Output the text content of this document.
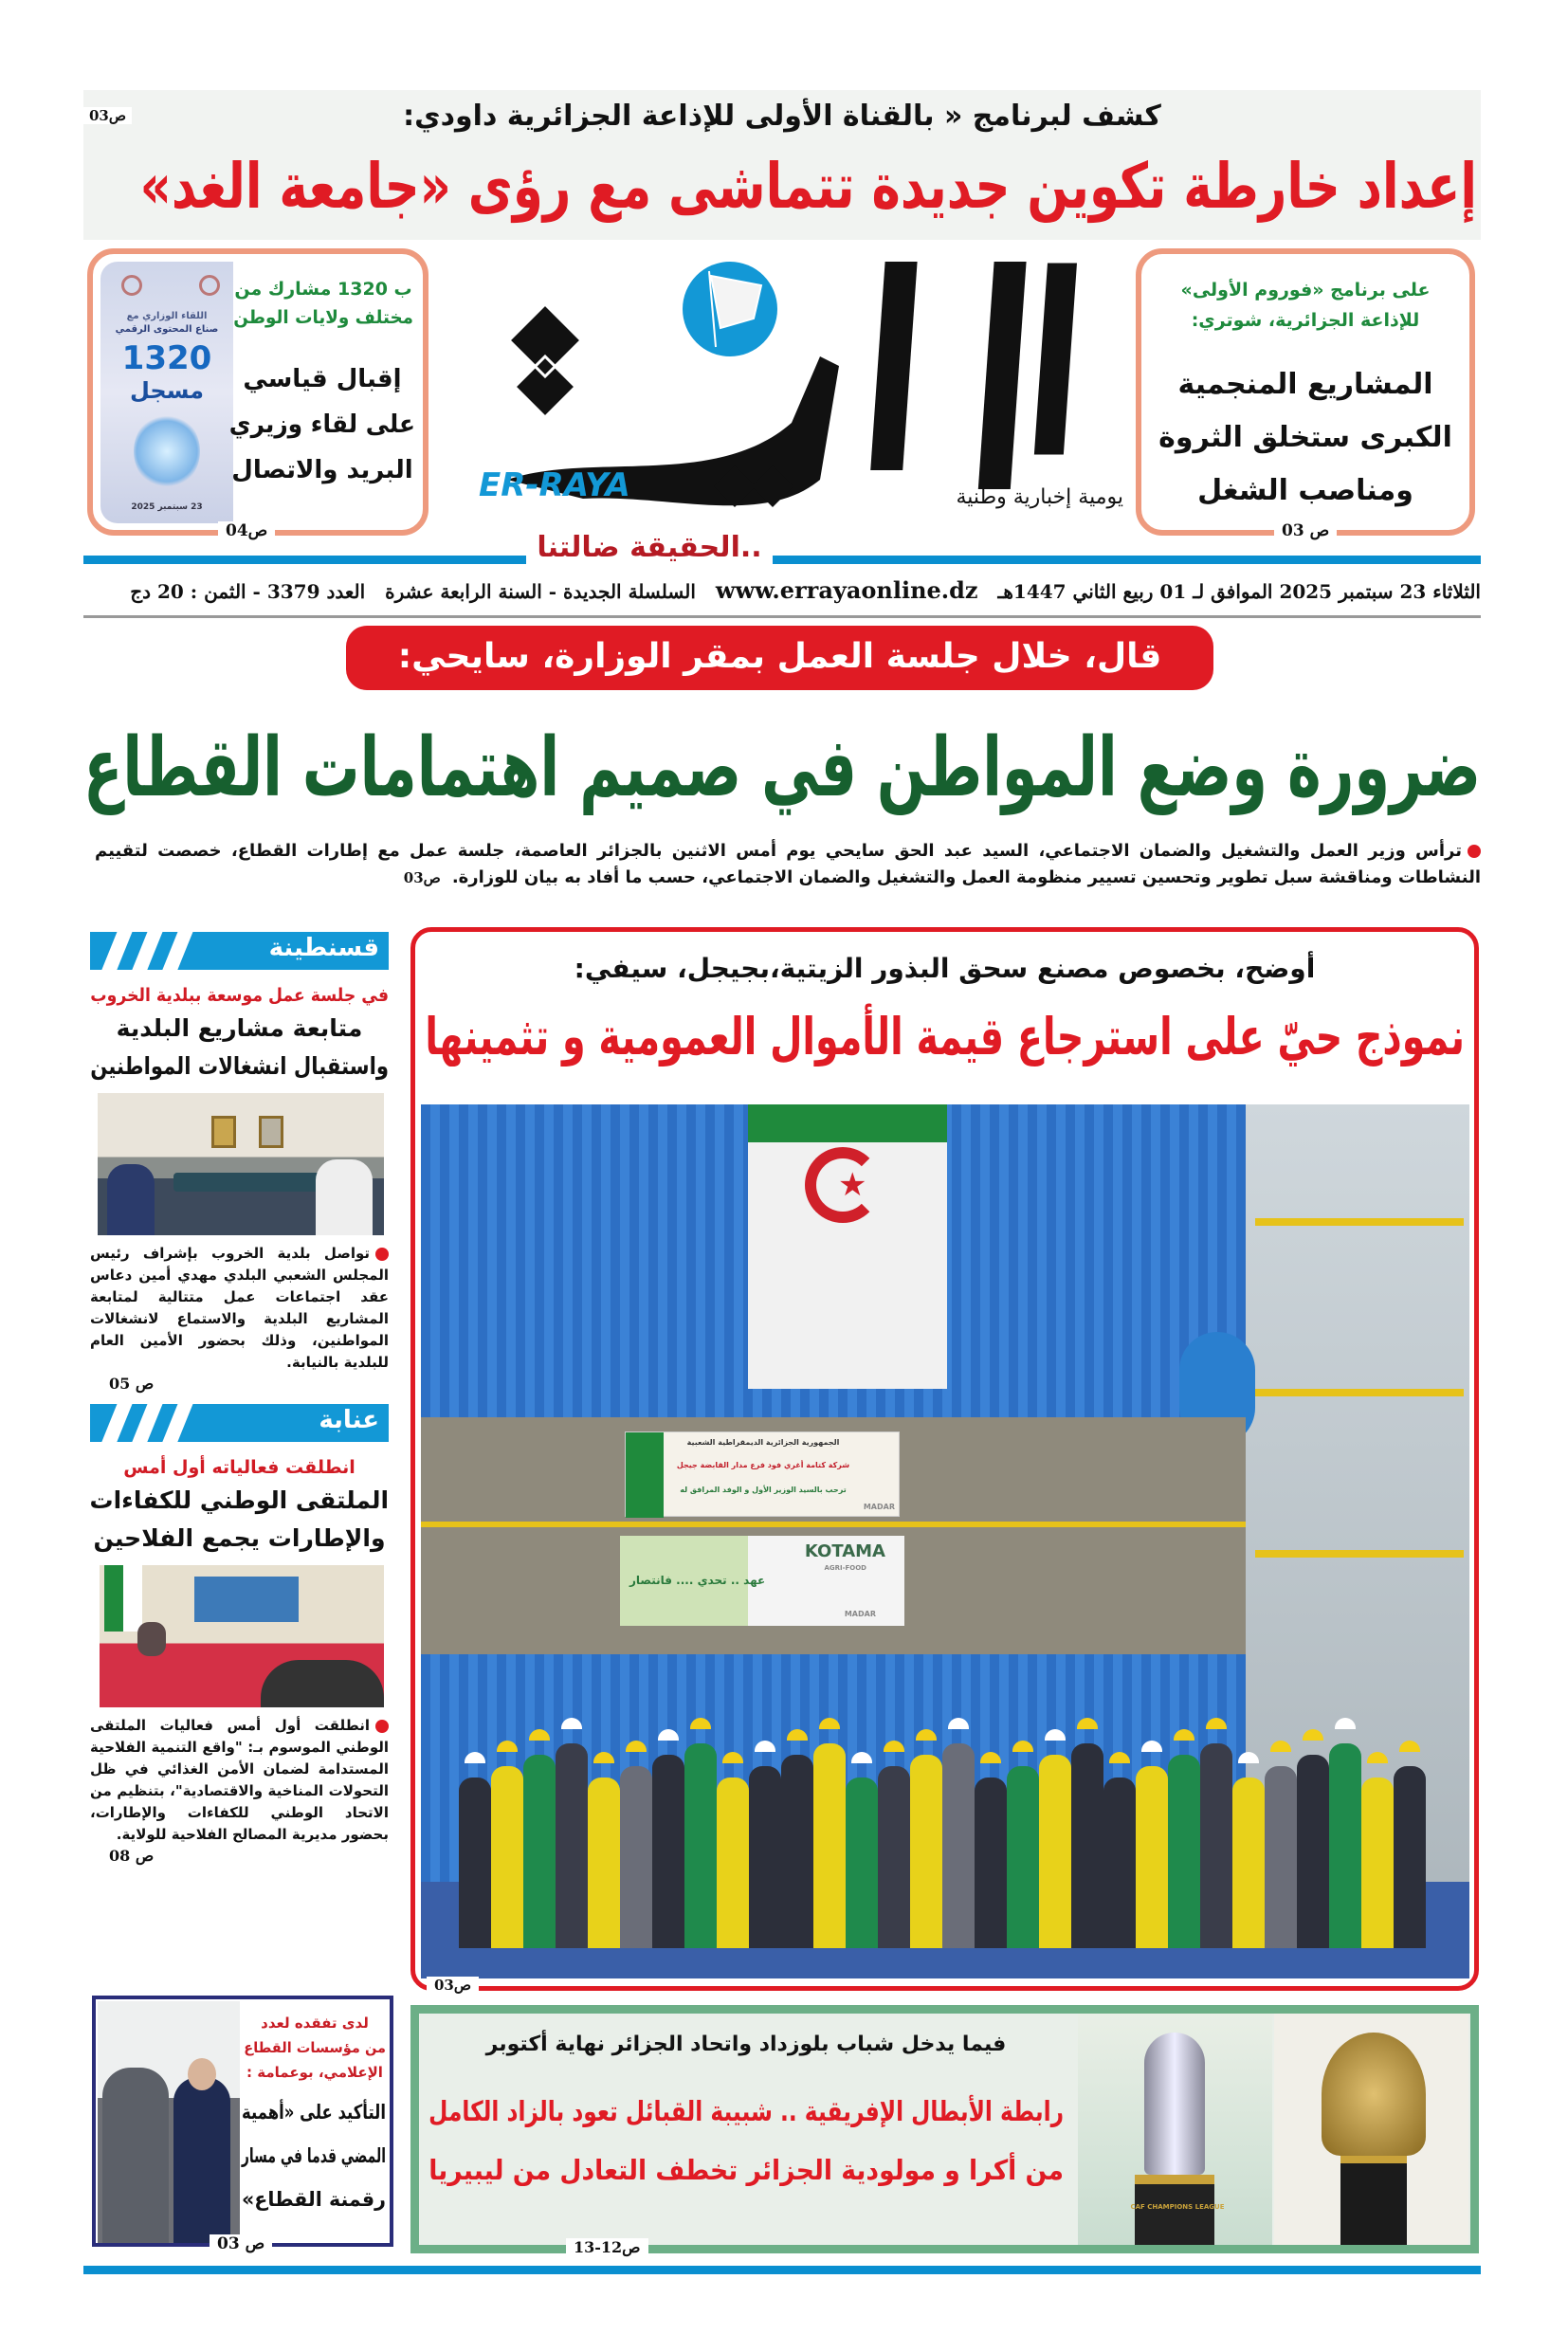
كشف لبرنامج « بالقناة الأولى للإذاعة الجزائرية داودي:
ص03
إعداد خارطة تكوين جديدة تتماشى مع رؤى «جامعة الغد»
اللقاء الوزاري مع
صناع المحتوى الرقمي
1320
مسجل
23 سبتمبر 2025
ب 1320 مشارك من
مختلف ولايات الوطن
إقبال قياسي
على لقاء وزيري
البريد والاتصال
ص04
ER-RAYA	يومية إخبارية وطنية
على برنامج «فوروم الأولى»
للإذاعة الجزائرية، شوتري:
المشاريع المنجمية
الكبرى ستخلق الثروة
ومناصب الشغل
ص 03
..الحقيقة ضالتنا
الثلاثاء 23 سبتمبر 2025 الموافق لـ 01 ربيع الثاني 1447هـ www.errayaonline.dz السلسلة الجديدة - السنة الرابعة عشرة العدد 3379 - الثمن : 20 دج
قال، خلال جلسة العمل بمقر الوزارة، سايحي:
ضرورة وضع المواطن في صميم اهتمامات القطاع
ترأس وزير العمل والتشغيل والضمان الاجتماعي، السيد عبد الحق سايحي يوم أمس الاثنين بالجزائر العاصمة، جلسة عمل مع إطارات القطاع، خصصت لتقييم النشاطات ومناقشة سبل تطوير وتحسين تسيير منظومة العمل والتشغيل والضمان الاجتماعي، حسب ما أفاد به بيان للوزارة.ص03
قسنطينة
في جلسة عمل موسعة ببلدية الخروب
متابعة مشاريع البلدية
واستقبال انشغالات المواطنين
تواصل بلدية الخروب بإشراف رئيس المجلس الشعبي البلدي مهدي أمين دعاس عقد اجتماعات عمل متتالية لمتابعة المشاريع البلدية والاستماع لانشغالات المواطنين، وذلك بحضور الأمين العام للبلدية بالنيابة.
ص 05
عنابة
انطلقت فعالياته أول أمس
الملتقى الوطني للكفاءات
والإطارات يجمع الفلاحين
انطلقت أول أمس فعاليات الملتقى الوطني الموسوم بـ: "واقع التنمية الفلاحية المستدامة لضمان الأمن الغذائي في ظل التحولات المناخية والاقتصادية"، بتنظيم من الاتحاد الوطني للكفاءات والإطارات، بحضور مديرية المصالح الفلاحية للولاية.
ص 08
لدى تفقده لعدد
من مؤسسات القطاع
الإعلامي، بوعمامة :
التأكيد على «أهمية
المضي قدما في مسار
رقمنة القطاع»
ص 03
أوضح، بخصوص مصنع سحق البذور الزيتية،بجيجل، سيفي:
نموذج حيّ على استرجاع قيمة الأموال العمومية و تثمينها
★
الجمهورية الجزائرية الديمقراطية الشعبية
شركة كتامة أغري فود فرع مدار القابضة جيجل
ترحب بالسيد الوزير الأول و الوفد المرافق له
MADAR
عهد .. تحدي .... فانتصار
KOTAMA
AGRI-FOOD
MADAR
ص03
فيما يدخل شباب بلوزداد واتحاد الجزائر نهاية أكتوبر
رابطة الأبطال الإفريقية .. شبيبة القبائل تعود بالزاد الكامل
من أكرا و مولودية الجزائر تخطف التعادل من ليبيريا
CAF CHAMPIONS LEAGUE
ص12-13
